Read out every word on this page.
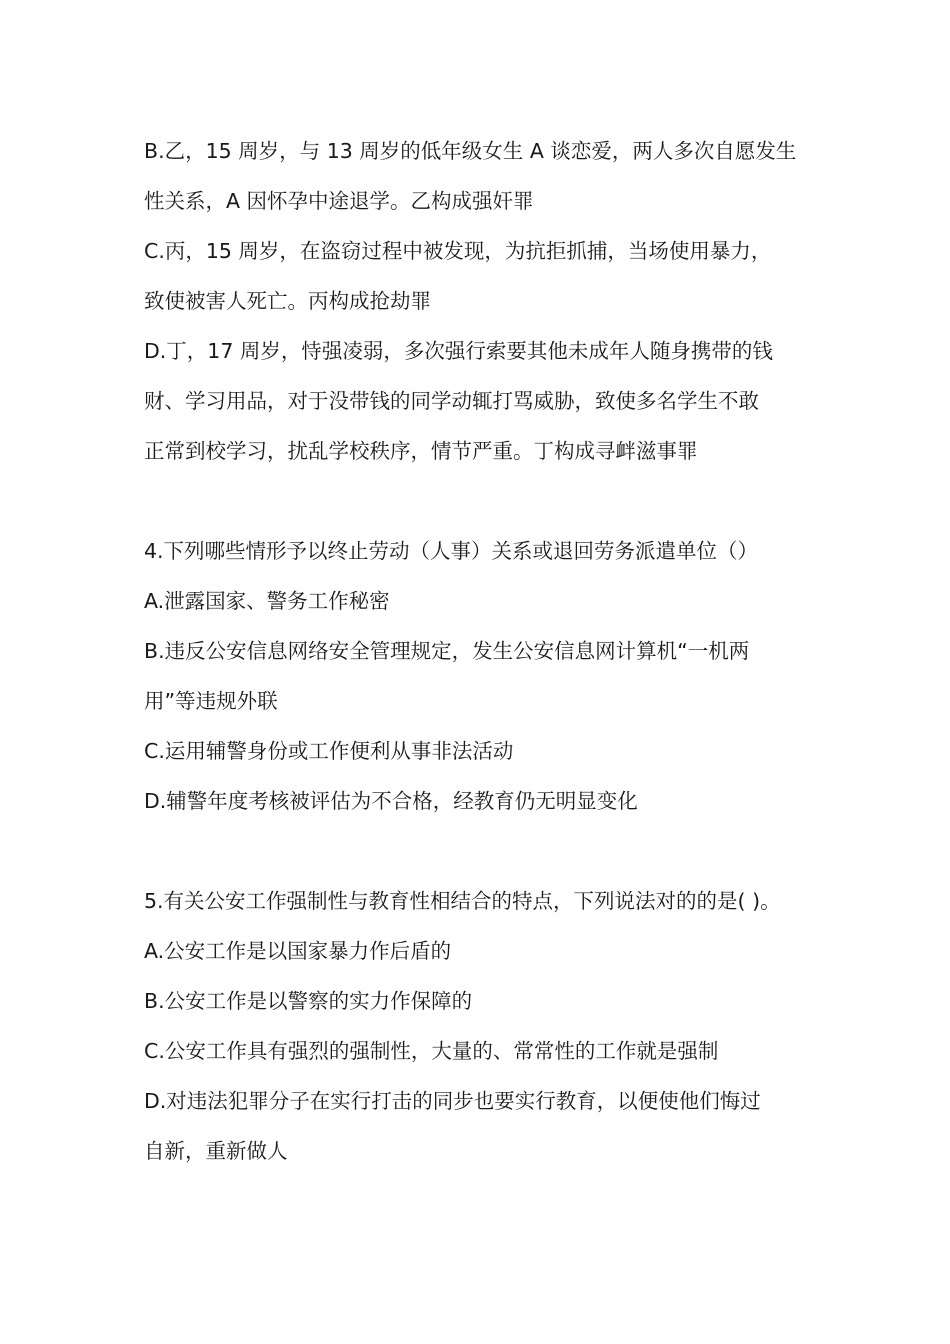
B.乙，15 周岁，与 13 周岁的低年级女生 A 谈恋爱，两人多次自愿发生
性关系，A 因怀孕中途退学。乙构成强奸罪
C.丙，15 周岁，在盗窃过程中被发现，为抗拒抓捕，当场使用暴力，
致使被害人死亡。丙构成抢劫罪
D.丁，17 周岁，恃强凌弱，多次强行索要其他未成年人随身携带的钱
财、学习用品，对于没带钱的同学动辄打骂威胁，致使多名学生不敢
正常到校学习，扰乱学校秩序，情节严重。丁构成寻衅滋事罪
4.下列哪些情形予以终止劳动（人事）关系或退回劳务派遣单位（）
A.泄露国家、警务工作秘密
B.违反公安信息网络安全管理规定，发生公安信息网计算机“一机两
用”等违规外联
C.运用辅警身份或工作便利从事非法活动
D.辅警年度考核被评估为不合格，经教育仍无明显变化
5.有关公安工作强制性与教育性相结合的特点，下列说法对的的是( )。
A.公安工作是以国家暴力作后盾的
B.公安工作是以警察的实力作保障的
C.公安工作具有强烈的强制性，大量的、常常性的工作就是强制
D.对违法犯罪分子在实行打击的同步也要实行教育，以便使他们悔过
自新，重新做人
